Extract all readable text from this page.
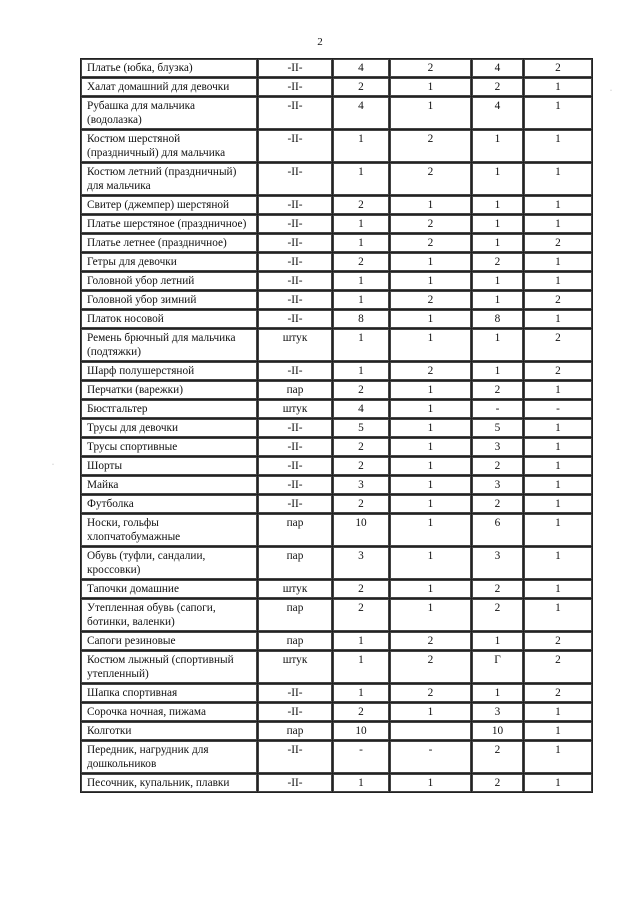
2
·
·
Платье (юбка, блузка)	-II-	4	2	4	2
Халат домашний для девочки	-II-	2	1	2	1
Рубашка для мальчика (водолазка)	-II-	4	1	4	1
Костюм шерстяной (праздничный) для мальчика	-II-	1	2	1	1
Костюм летний (праздничный) для мальчика	-II-	1	2	1	1
Свитер (джемпер) шерстяной	-II-	2	1	1	1
Платье шерстяное (праздничное)	-II-	1	2	1	1
Платье летнее (праздничное)	-II-	1	2	1	2
Гетры для девочки	-II-	2	1	2	1
Головной убор летний	-II-	1	1	1	1
Головной убор зимний	-II-	1	2	1	2
Платок носовой	-II-	8	1	8	1
Ремень брючный для мальчика (подтяжки)	штук	1	1	1	2
Шарф полушерстяной	-II-	1	2	1	2
Перчатки (варежки)	пар	2	1	2	1
Бюстгальтер	штук	4	1	-	-
Трусы для девочки	-II-	5	1	5	1
Трусы спортивные	-II-	2	1	3	1
Шорты	-II-	2	1	2	1
Майка	-II-	3	1	3	1
Футболка	-II-	2	1	2	1
Носки, гольфы хлопчатобумажные	пар	10	1	6	1
Обувь (туфли, сандалии, кроссовки)	пар	3	1	3	1
Тапочки домашние	штук	2	1	2	1
Утепленная обувь (сапоги, ботинки, валенки)	пар	2	1	2	1
Сапоги резиновые	пар	1	2	1	2
Костюм лыжный (спортивный утепленный)	штук	1	2	Г	2
Шапка спортивная	-II-	1	2	1	2
Сорочка ночная, пижама	-II-	2	1	3	1
Колготки	пар	10		10	1
Передник, нагрудник для дошкольников	-II-	-	-	2	1
Песочник, купальник, плавки	-II-	1	1	2	1
